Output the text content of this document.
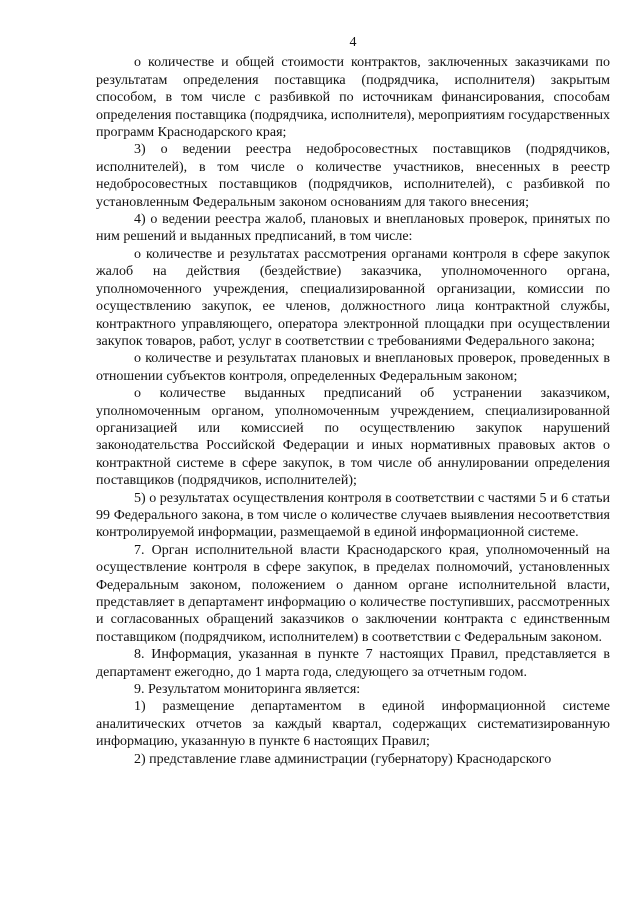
4

о количестве и общей стоимости контрактов, заключенных заказчиками по результатам определения поставщика (подрядчика, исполнителя) закрытым способом, в том числе с разбивкой по источникам финансирования, способам определения поставщика (подрядчика, исполнителя), мероприятиям государственных программ Краснодарского края;

3) о ведении реестра недобросовестных поставщиков (подрядчиков, исполнителей), в том числе о количестве участников, внесенных в реестр недобросовестных поставщиков (подрядчиков, исполнителей), с разбивкой по установленным Федеральным законом основаниям для такого внесения;

4) о ведении реестра жалоб, плановых и внеплановых проверок, принятых по ним решений и выданных предписаний, в том числе:

о количестве и результатах рассмотрения органами контроля в сфере закупок жалоб на действия (бездействие) заказчика, уполномоченного органа, уполномоченного учреждения, специализированной организации, комиссии по осуществлению закупок, ее членов, должностного лица контрактной службы, контрактного управляющего, оператора электронной площадки при осуществлении закупок товаров, работ, услуг в соответствии с требованиями Федерального закона;

о количестве и результатах плановых и внеплановых проверок, проведенных в отношении субъектов контроля, определенных Федеральным законом;

о количестве выданных предписаний об устранении заказчиком, уполномоченным органом, уполномоченным учреждением, специализированной организацией или комиссией по осуществлению закупок нарушений законодательства Российской Федерации и иных нормативных правовых актов о контрактной системе в сфере закупок, в том числе об аннулировании определения поставщиков (подрядчиков, исполнителей);

5) о результатах осуществления контроля в соответствии с частями 5 и 6 статьи 99 Федерального закона, в том числе о количестве случаев выявления несоответствия контролируемой информации, размещаемой в единой информационной системе.

7. Орган исполнительной власти Краснодарского края, уполномоченный на осуществление контроля в сфере закупок, в пределах полномочий, установленных Федеральным законом, положением о данном органе исполнительной власти, представляет в департамент информацию о количестве поступивших, рассмотренных и согласованных обращений заказчиков о заключении контракта с единственным поставщиком (подрядчиком, исполнителем) в соответствии с Федеральным законом.

8. Информация, указанная в пункте 7 настоящих Правил, представляется в департамент ежегодно, до 1 марта года, следующего за отчетным годом.

9. Результатом мониторинга является:

1) размещение департаментом в единой информационной системе аналитических отчетов за каждый квартал, содержащих систематизированную информацию, указанную в пункте 6 настоящих Правил;

2) представление главе администрации (губернатору) Краснодарского
